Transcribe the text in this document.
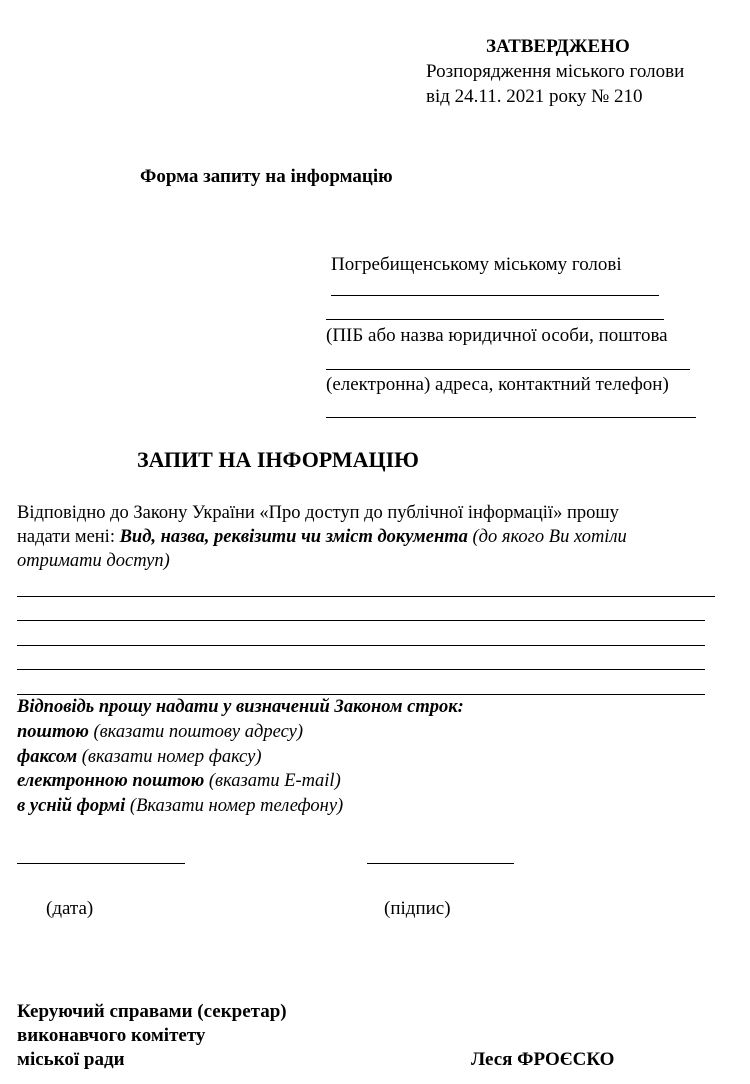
ЗАТВЕРДЖЕНО
Розпорядження міського голови
від 24.11. 2021 року № 210
Форма запиту на інформацію
Погребищенському міському голові
(ПІБ або назва юридичної особи, поштова
(електронна) адреса, контактний телефон)
ЗАПИТ НА ІНФОРМАЦІЮ
Відповідно до Закону України «Про доступ до публічної інформації» прошу
надати мені: Вид, назва, реквізити чи зміст документа (до якого Ви хотіли
отримати доступ)
Відповідь прошу надати у визначений Законом строк:
поштою (вказати поштову адресу)
факсом (вказати номер факсу)
електронною поштою (вказати E-mail)
в усній формі (Вказати номер телефону)
(дата)	(підпис)
Керуючий справами (секретар)
виконавчого комітету
міської ради	Леся ФРОЄСКО
